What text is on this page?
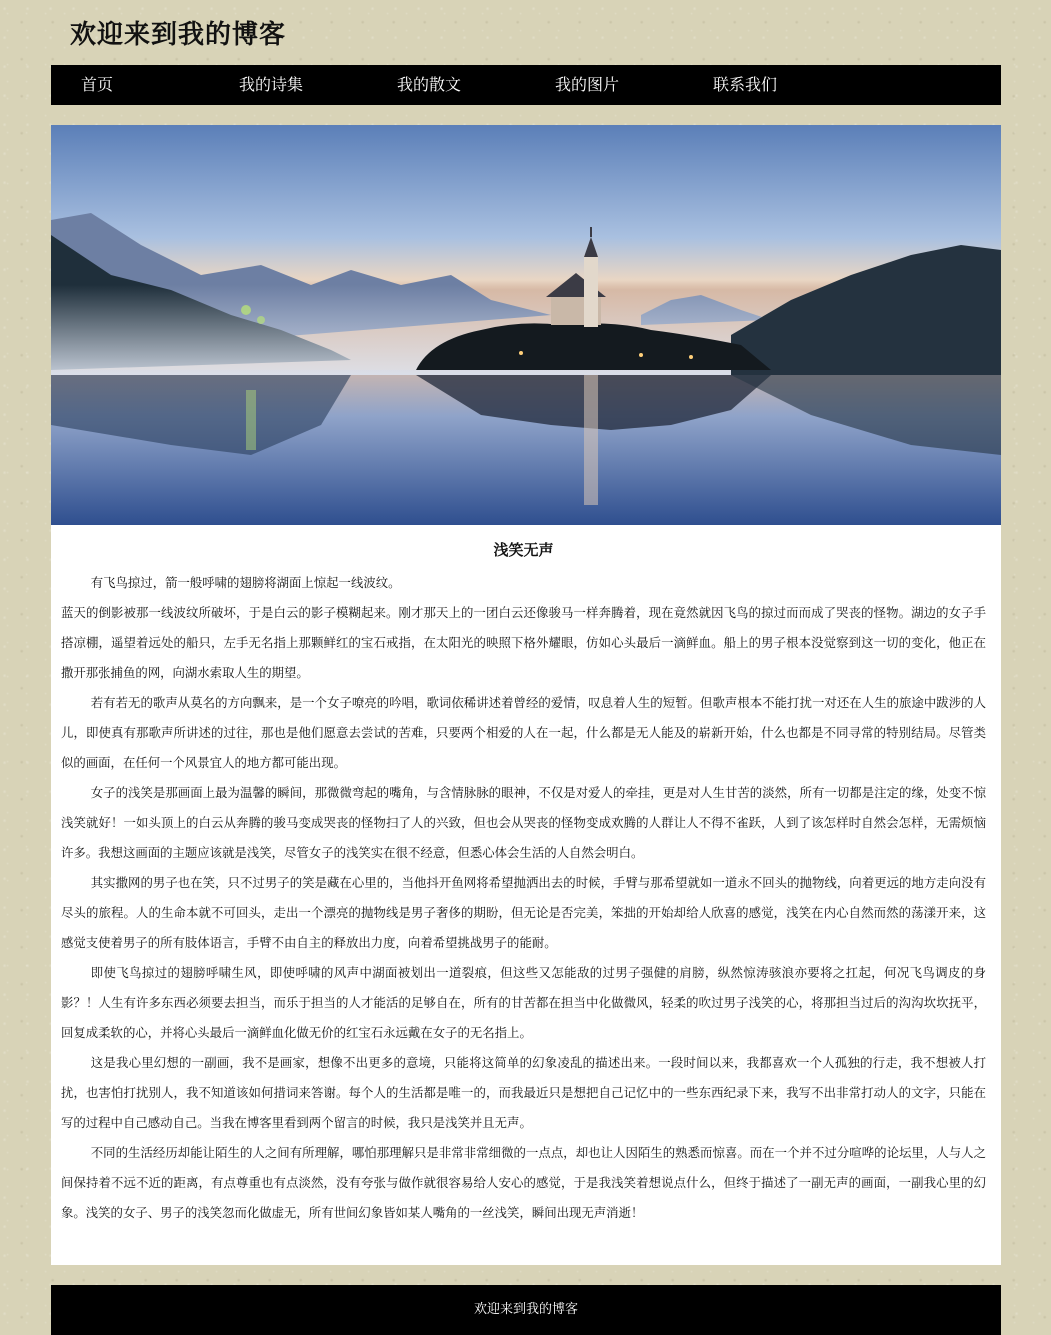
欢迎来到我的博客
首页	我的诗集	我的散文	我的图片	联系我们
浅笑无声

有飞鸟掠过，箭一般呼啸的翅膀将湖面上惊起一线波纹。

蓝天的倒影被那一线波纹所破坏，于是白云的影子模糊起来。刚才那天上的一团白云还像骏马一样奔腾着，现在竟然就因飞鸟的掠过而而成了哭丧的怪物。湖边的女子手搭凉棚，遥望着远处的船只，左手无名指上那颗鲜红的宝石戒指，在太阳光的映照下格外耀眼，仿如心头最后一滴鲜血。船上的男子根本没觉察到这一切的变化，他正在撒开那张捕鱼的网，向湖水索取人生的期望。

若有若无的歌声从莫名的方向飘来，是一个女子嘹亮的吟唱，歌词依稀讲述着曾经的爱情，叹息着人生的短暂。但歌声根本不能打扰一对还在人生的旅途中跋涉的人儿，即使真有那歌声所讲述的过往，那也是他们愿意去尝试的苦难，只要两个相爱的人在一起，什么都是无人能及的崭新开始，什么也都是不同寻常的特别结局。尽管类似的画面，在任何一个风景宜人的地方都可能出现。

女子的浅笑是那画面上最为温馨的瞬间，那微微弯起的嘴角，与含情脉脉的眼神，不仅是对爱人的牵挂，更是对人生甘苦的淡然，所有一切都是注定的缘，处变不惊浅笑就好！一如头顶上的白云从奔腾的骏马变成哭丧的怪物扫了人的兴致，但也会从哭丧的怪物变成欢腾的人群让人不得不雀跃，人到了该怎样时自然会怎样，无需烦恼许多。我想这画面的主题应该就是浅笑，尽管女子的浅笑实在很不经意，但悉心体会生活的人自然会明白。

其实撒网的男子也在笑，只不过男子的笑是藏在心里的，当他抖开鱼网将希望抛洒出去的时候，手臂与那希望就如一道永不回头的抛物线，向着更远的地方走向没有尽头的旅程。人的生命本就不可回头，走出一个漂亮的抛物线是男子奢侈的期盼，但无论是否完美，笨拙的开始却给人欣喜的感觉，浅笑在内心自然而然的荡漾开来，这感觉支使着男子的所有肢体语言，手臂不由自主的释放出力度，向着希望挑战男子的能耐。

即使飞鸟掠过的翅膀呼啸生风，即使呼啸的风声中湖面被划出一道裂痕，但这些又怎能敌的过男子强健的肩膀，纵然惊涛骇浪亦要将之扛起，何况飞鸟调皮的身影？！人生有许多东西必须要去担当，而乐于担当的人才能活的足够自在，所有的甘苦都在担当中化做微风，轻柔的吹过男子浅笑的心，将那担当过后的沟沟坎坎抚平，回复成柔软的心，并将心头最后一滴鲜血化做无价的红宝石永远戴在女子的无名指上。

这是我心里幻想的一副画，我不是画家，想像不出更多的意境，只能将这简单的幻象凌乱的描述出来。一段时间以来，我都喜欢一个人孤独的行走，我不想被人打扰，也害怕打扰别人，我不知道该如何措词来答谢。每个人的生活都是唯一的，而我最近只是想把自己记忆中的一些东西纪录下来，我写不出非常打动人的文字，只能在写的过程中自己感动自己。当我在博客里看到两个留言的时候，我只是浅笑并且无声。

不同的生活经历却能让陌生的人之间有所理解，哪怕那理解只是非常非常细微的一点点，却也让人因陌生的熟悉而惊喜。而在一个并不过分喧哗的论坛里，人与人之间保持着不远不近的距离，有点尊重也有点淡然，没有夸张与做作就很容易给人安心的感觉，于是我浅笑着想说点什么，但终于描述了一副无声的画面，一副我心里的幻象。浅笑的女子、男子的浅笑忽而化做虚无，所有世间幻象皆如某人嘴角的一丝浅笑，瞬间出现无声消逝！

欢迎来到我的博客
